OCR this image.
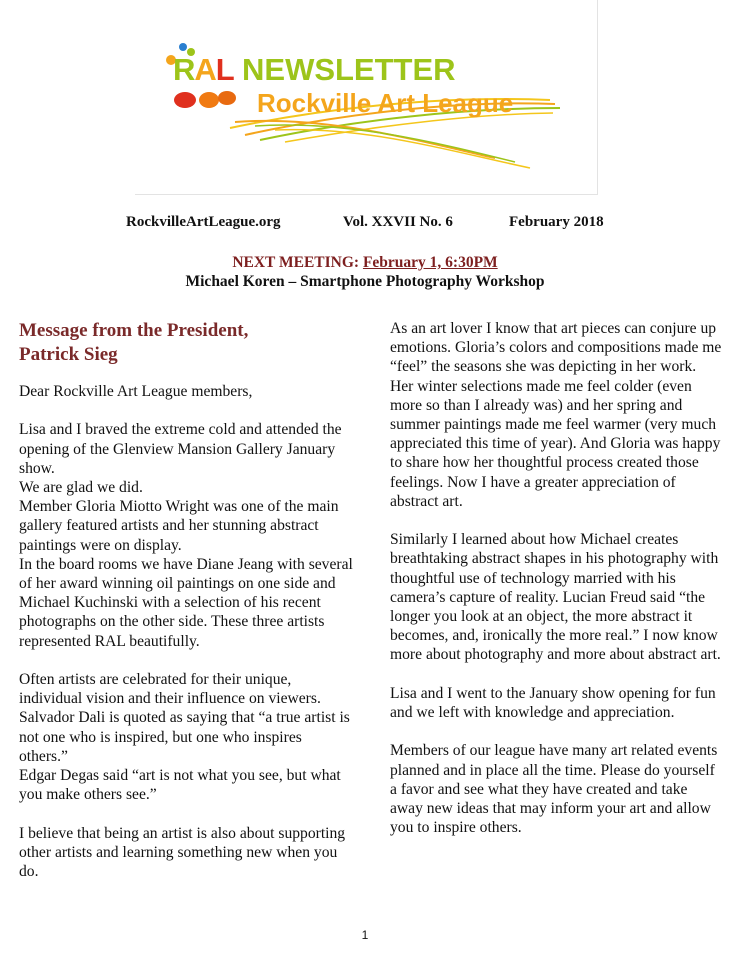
RAL NEWSLETTER
Rockville Art League
RockvilleArtLeague.org	Vol. XXVII No. 6	February 2018
NEXT MEETING: February 1, 6:30PM
Michael Koren – Smartphone Photography Workshop
Message from the President,
Patrick Sieg

Dear Rockville Art League members,

Lisa and I braved the extreme cold and attended the opening of the Glenview Mansion Gallery January show.
We are glad we did.
Member Gloria Miotto Wright was one of the main gallery featured artists and her stunning abstract paintings were on display.
In the board rooms we have Diane Jeang with several of her award winning oil paintings on one side and Michael Kuchinski with a selection of his recent photographs on the other side. These three artists represented RAL beautifully.

Often artists are celebrated for their unique, individual vision and their influence on viewers. Salvador Dali is quoted as saying that “a true artist is not one who is inspired, but one who inspires others.”
Edgar Degas said “art is not what you see, but what you make others see.”

I believe that being an artist is also about supporting other artists and learning something new when you do.

As an art lover I know that art pieces can conjure up emotions. Gloria’s colors and compositions made me “feel” the seasons she was depicting in her work. Her winter selections made me feel colder (even more so than I already was) and her spring and summer paintings made me feel warmer (very much appreciated this time of year). And Gloria was happy to share how her thoughtful process created those feelings. Now I have a greater appreciation of abstract art.

Similarly I learned about how Michael creates breathtaking abstract shapes in his photography with thoughtful use of technology married with his camera’s capture of reality. Lucian Freud said “the longer you look at an object, the more abstract it becomes, and, ironically the more real.” I now know more about photography and more about abstract art.

Lisa and I went to the January show opening for fun and we left with knowledge and appreciation.

Members of our league have many art related events planned and in place all the time. Please do yourself a favor and see what they have created and take away new ideas that may inform your art and allow you to inspire others.

1
